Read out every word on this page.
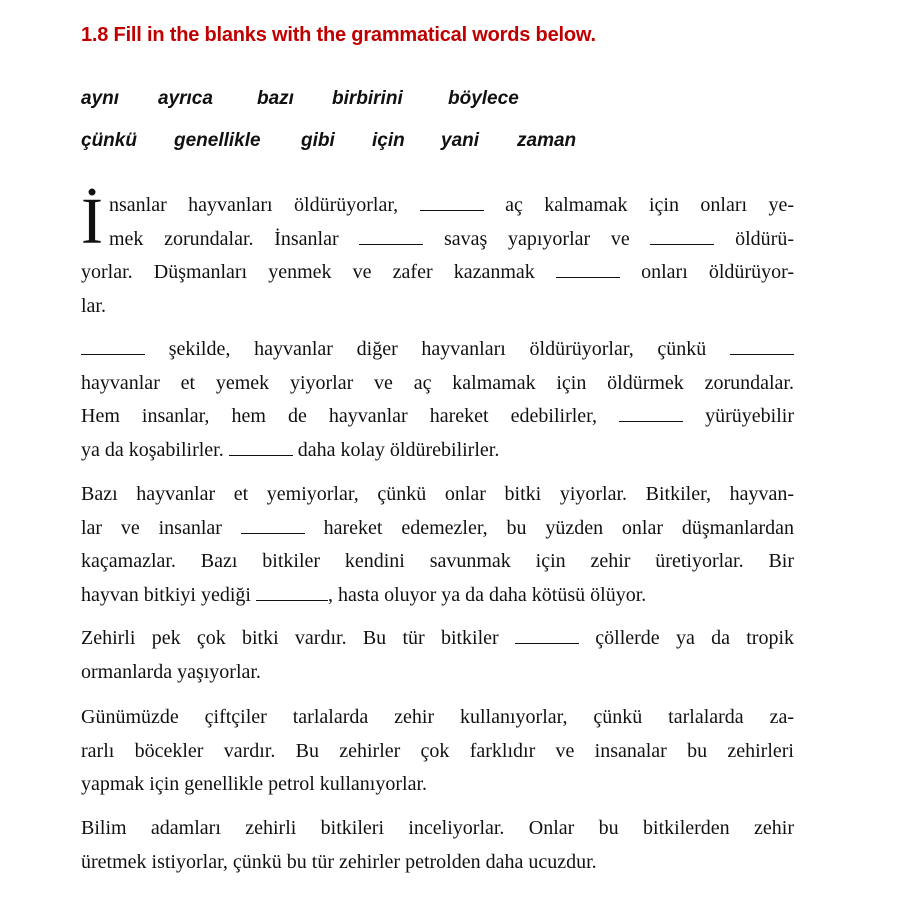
1.8 Fill in the blanks with the grammatical words below.
aynı ayrıca bazı birbirini böylece
çünkü genellikle gibi için yani zaman
İ nsanlar hayvanları öldürüyorlar,	aç kalmamak için onları ye-
mek zorundalar. İnsanlar	savaş yapıyorlar ve	öldürü-
yorlar. Düşmanları yenmek ve zafer kazanmak	onları öldürüyor-
lar.
şekilde, hayvanlar diğer hayvanları öldürüyorlar, çünkü
hayvanlar et yemek yiyorlar ve aç kalmamak için öldürmek zorundalar.
Hem insanlar, hem de hayvanlar hareket edebilirler,	yürüyebilir
ya da koşabilirler.	daha kolay öldürebilirler.
Bazı hayvanlar et yemiyorlar, çünkü onlar bitki yiyorlar. Bitkiler, hayvan-
lar ve insanlar	hareket edemezler, bu yüzden onlar düşmanlardan
kaçamazlar. Bazı bitkiler kendini savunmak için zehir üretiyorlar. Bir
hayvan bitkiyi yediği	, hasta oluyor ya da daha kötüsü ölüyor.
Zehirli pek çok bitki vardır. Bu tür bitkiler	çöllerde ya da tropik
ormanlarda yaşıyorlar.
Günümüzde çiftçiler tarlalarda zehir kullanıyorlar, çünkü tarlalarda za-
rarlı böcekler vardır. Bu zehirler çok farklıdır ve insanalar bu zehirleri
yapmak için genellikle petrol kullanıyorlar.
Bilim adamları zehirli bitkileri inceliyorlar. Onlar bu bitkilerden zehir
üretmek istiyorlar, çünkü bu tür zehirler petrolden daha ucuzdur.
